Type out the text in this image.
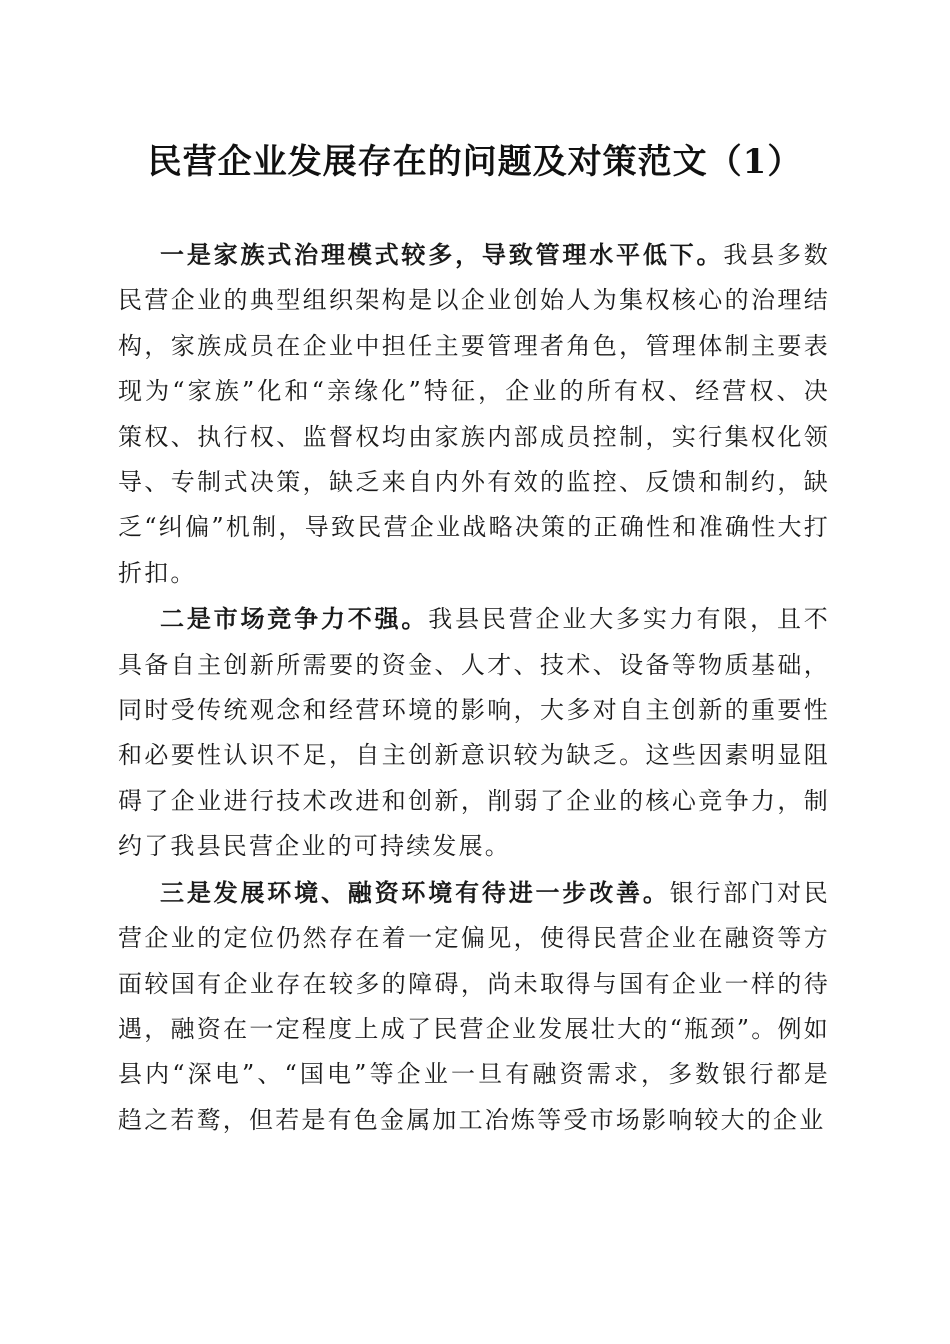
民营企业发展存在的问题及对策范文（1）

一是家族式治理模式较多，导致管理水平低下。我县多数民营企业的典型组织架构是以企业创始人为集权核心的治理结构，家族成员在企业中担任主要管理者角色，管理体制主要表现为“家族”化和“亲缘化”特征，企业的所有权、经营权、决策权、执行权、监督权均由家族内部成员控制，实行集权化领导、专制式决策，缺乏来自内外有效的监控、反馈和制约，缺乏“纠偏”机制，导致民营企业战略决策的正确性和准确性大打折扣。

二是市场竞争力不强。我县民营企业大多实力有限，且不具备自主创新所需要的资金、人才、技术、设备等物质基础，同时受传统观念和经营环境的影响，大多对自主创新的重要性和必要性认识不足，自主创新意识较为缺乏。这些因素明显阻碍了企业进行技术改进和创新，削弱了企业的核心竞争力，制约了我县民营企业的可持续发展。

三是发展环境、融资环境有待进一步改善。银行部门对民营企业的定位仍然存在着一定偏见，使得民营企业在融资等方面较国有企业存在较多的障碍，尚未取得与国有企业一样的待遇，融资在一定程度上成了民营企业发展壮大的“瓶颈”。例如县内“深电”、“国电”等企业一旦有融资需求，多数银行都是趋之若鹜，但若是有色金属加工冶炼等受市场影响较大的企业
